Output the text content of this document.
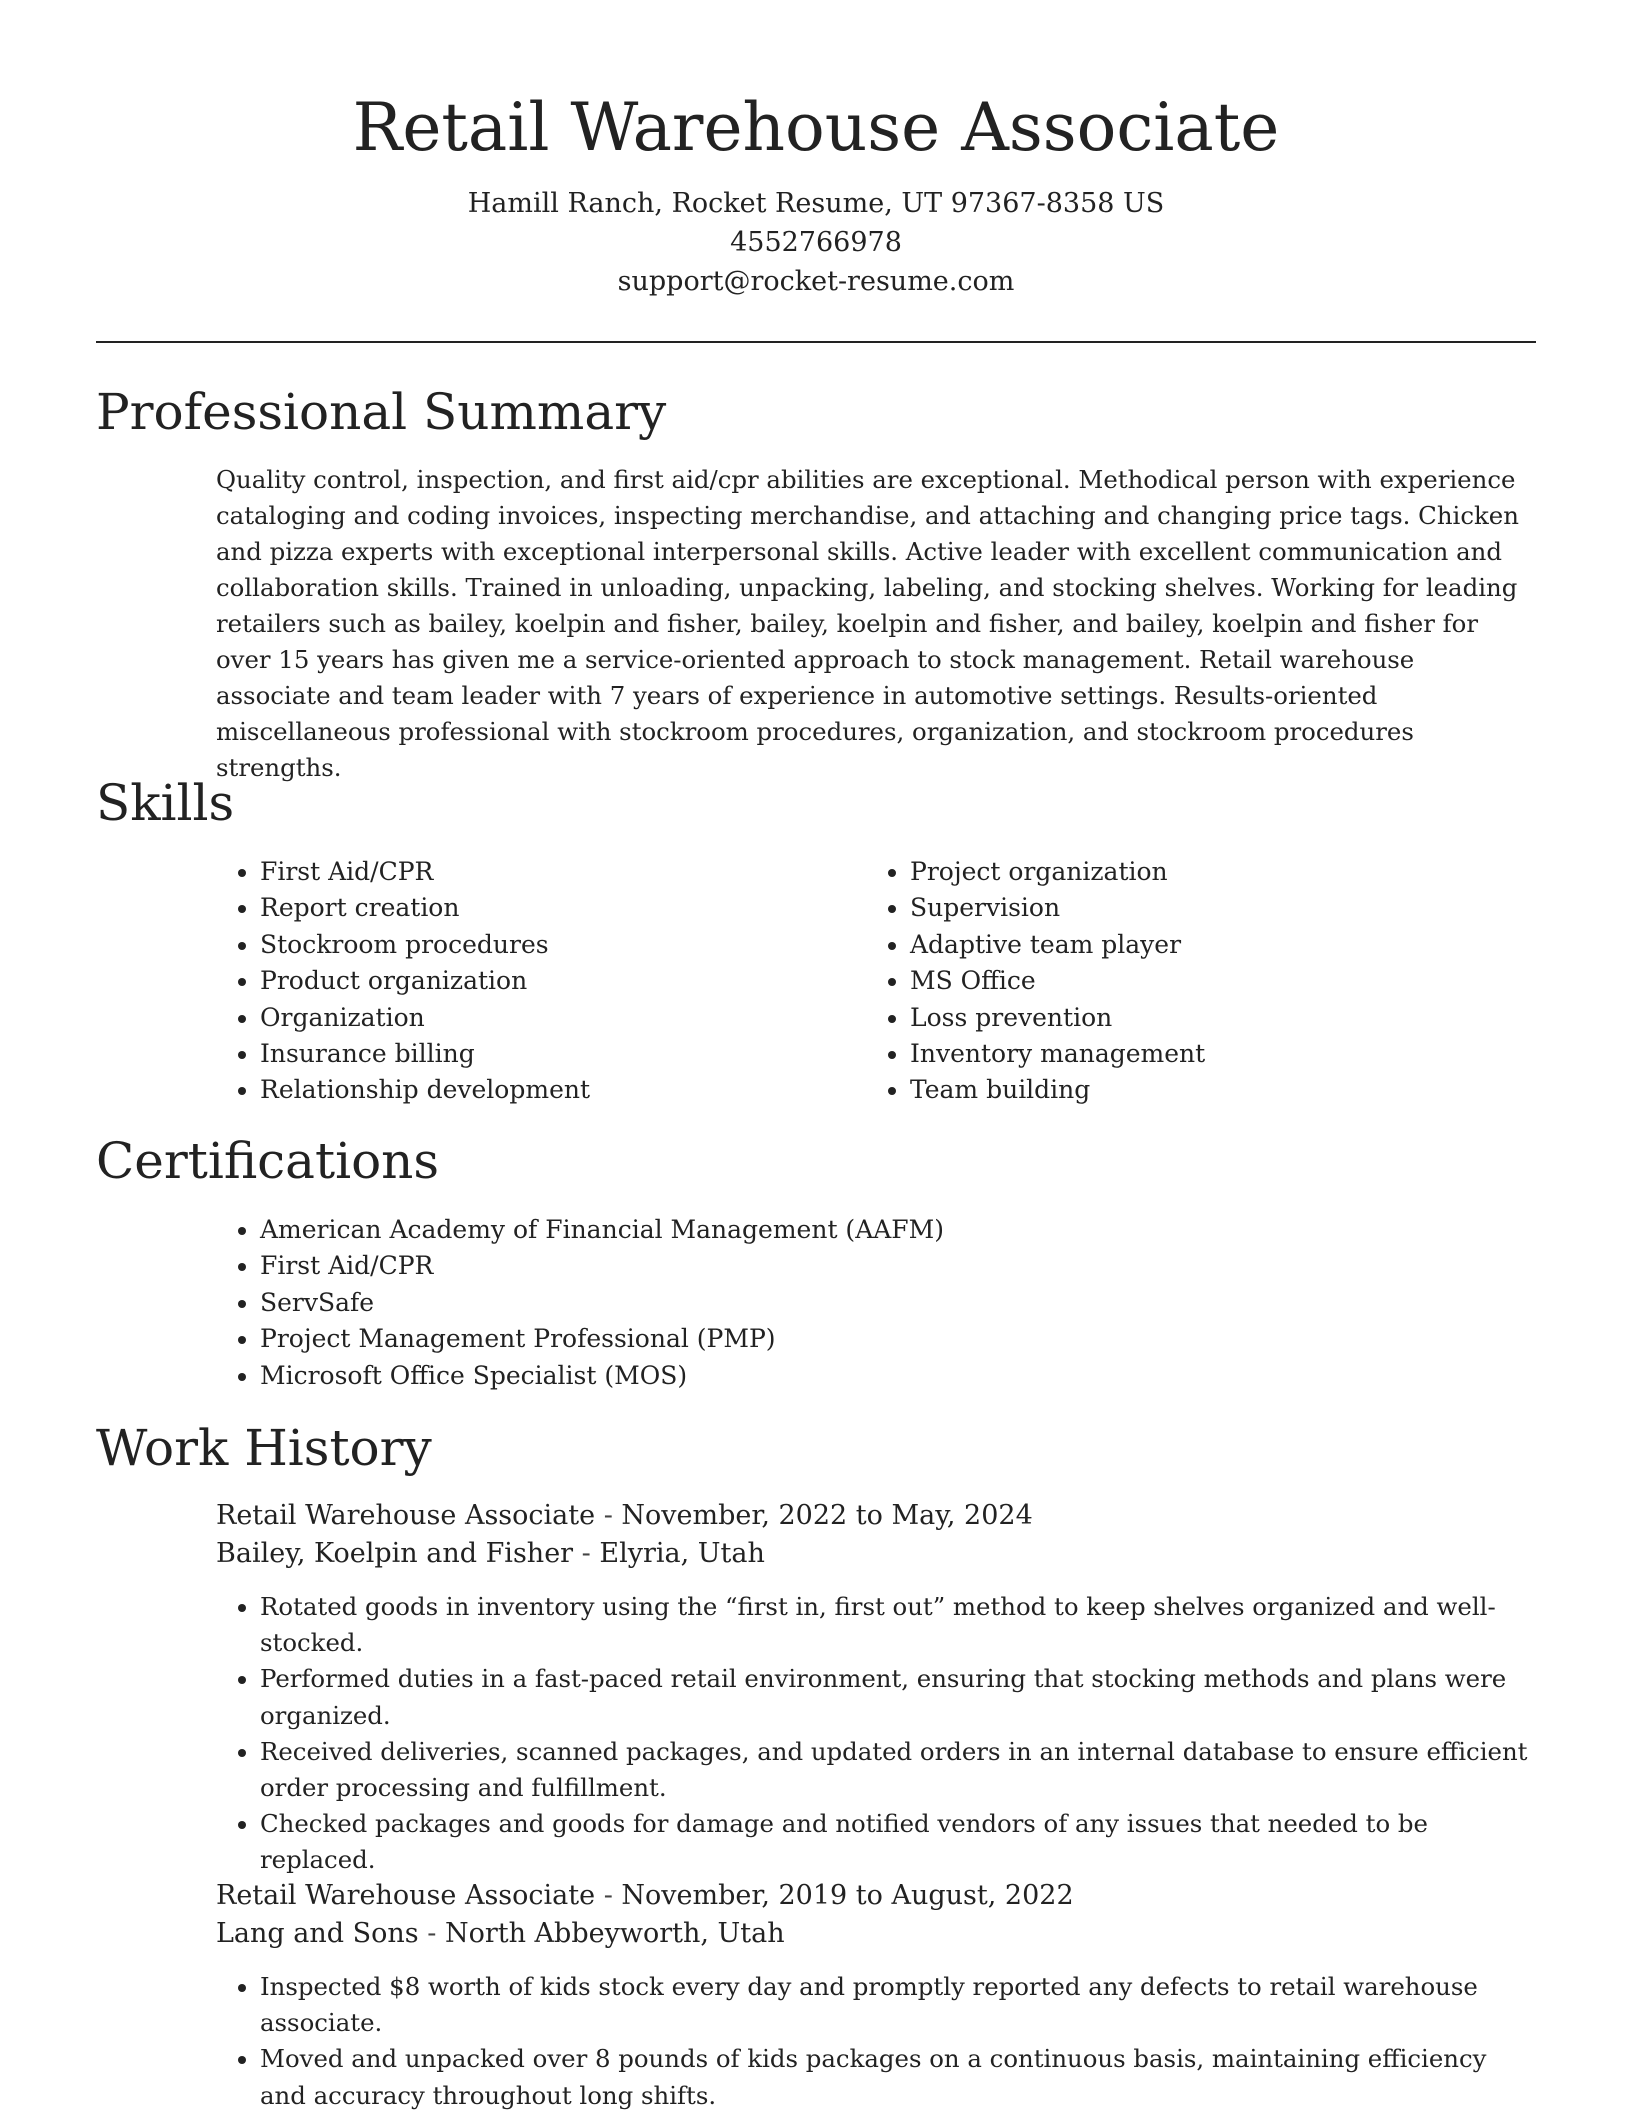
Retail Warehouse Associate
Hamill Ranch, Rocket Resume, UT 97367-8358 US
4552766978
support@rocket-resume.com
Professional Summary

Quality control, inspection, and first aid/cpr abilities are exceptional. Methodical person with experience cataloging and coding invoices, inspecting merchandise, and attaching and changing price tags. Chicken and pizza experts with exceptional interpersonal skills. Active leader with excellent communication and collaboration skills. Trained in unloading, unpacking, labeling, and stocking shelves. Working for leading retailers such as bailey, koelpin and fisher, bailey, koelpin and fisher, and bailey, koelpin and fisher for over 15 years has given me a service-oriented approach to stock management. Retail warehouse associate and team leader with 7 years of experience in automotive settings. Results-oriented miscellaneous professional with stockroom procedures, organization, and stockroom procedures strengths.

Skills
• First Aid/CPR
• Report creation
• Stockroom procedures
• Product organization
• Organization
• Insurance billing
• Relationship development
• Project organization
• Supervision
• Adaptive team player
• MS Office
• Loss prevention
• Inventory management
• Team building
Certifications
• American Academy of Financial Management (AAFM)
• First Aid/CPR
• ServSafe
• Project Management Professional (PMP)
• Microsoft Office Specialist (MOS)
Work History
Retail Warehouse Associate - November, 2022 to May, 2024
Bailey, Koelpin and Fisher - Elyria, Utah
• Rotated goods in inventory using the “first in, first out” method to keep shelves organized and well-stocked.
• Performed duties in a fast-paced retail environment, ensuring that stocking methods and plans were organized.
• Received deliveries, scanned packages, and updated orders in an internal database to ensure efficient order processing and fulfillment.
• Checked packages and goods for damage and notified vendors of any issues that needed to be replaced.
Retail Warehouse Associate - November, 2019 to August, 2022
Lang and Sons - North Abbeyworth, Utah
• Inspected $8 worth of kids stock every day and promptly reported any defects to retail warehouse associate.
• Moved and unpacked over 8 pounds of kids packages on a continuous basis, maintaining efficiency and accuracy throughout long shifts.
